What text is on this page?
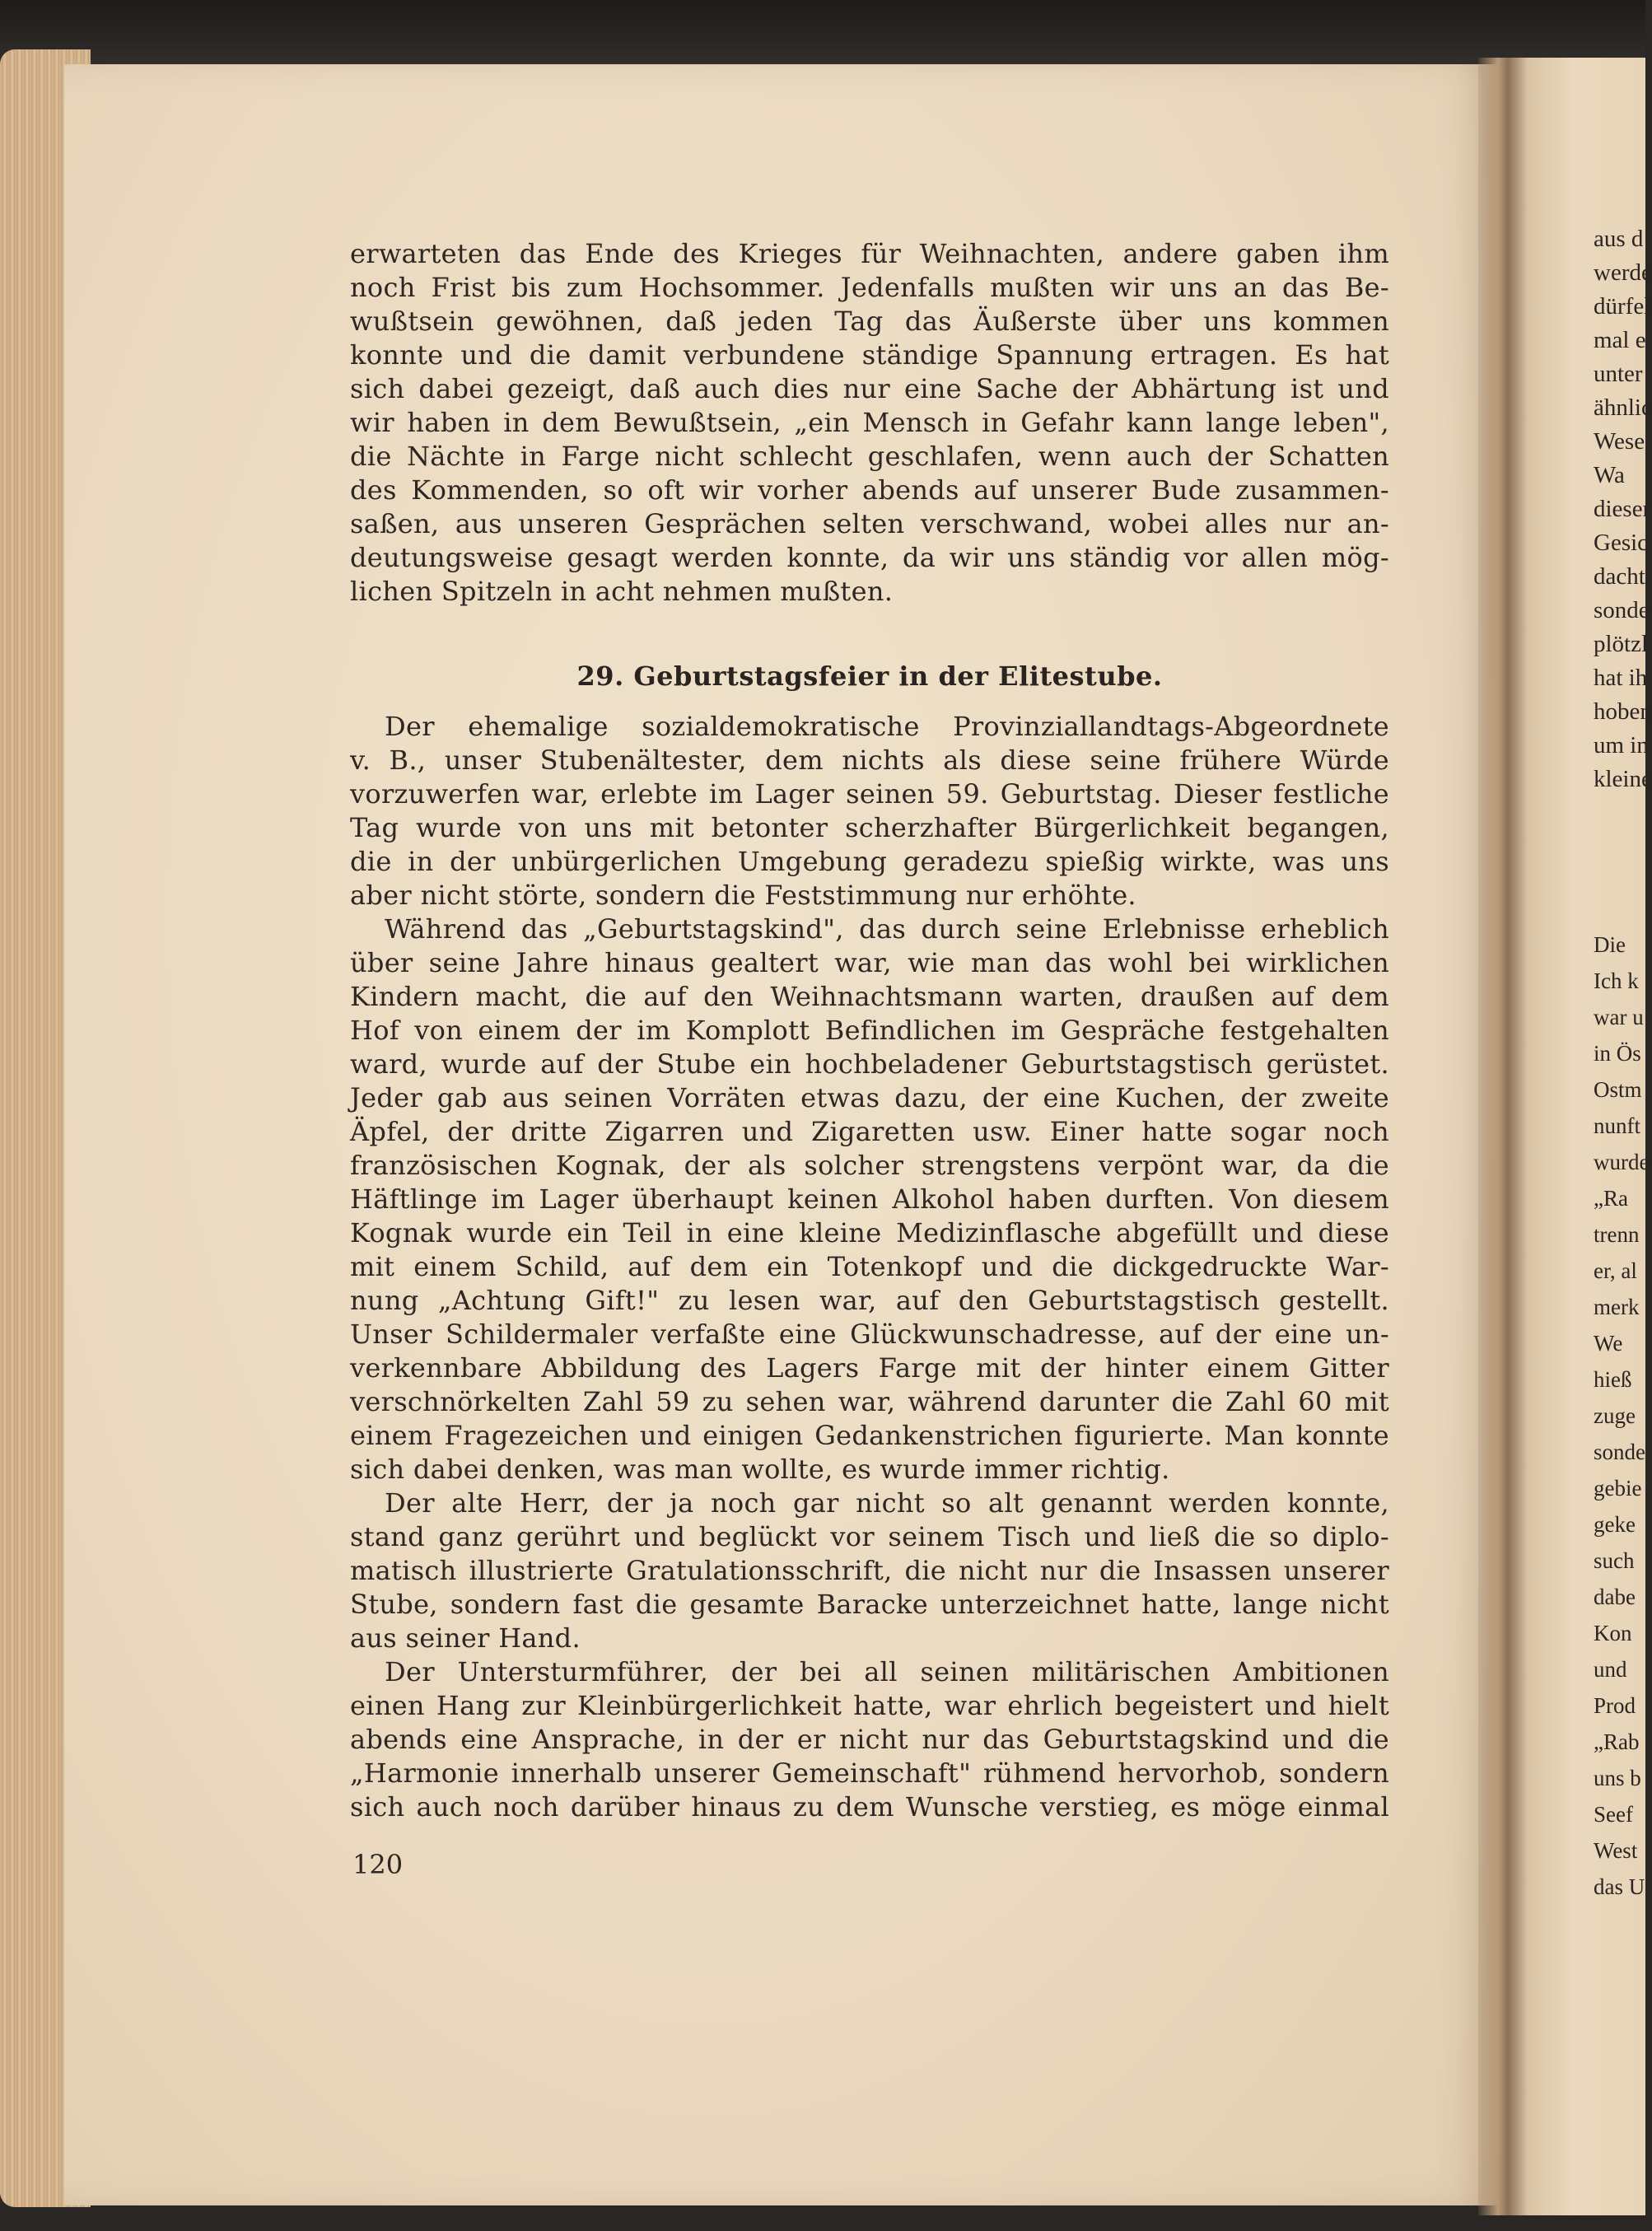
aus d
werde
dürfel
mal e
unter
ähnlic
Wese
Wa
dieser
Gesic
dacht
sonde
plötzl
hat ih
hoben
um in
kleine
Die
Ich k
war u
in Ös
Ostm
nunft
wurde
„Ra
trenn
er, al
merk
We
hieß
zuge
sonde
gebie
geke
such
dabe
Kon
und
Prod
„Rab
uns b
Seef
West
das U

erwarteten das Ende des Krieges für Weihnachten, andere gaben ihm

noch Frist bis zum Hochsommer. Jedenfalls mußten wir uns an das Be-

wußtsein gewöhnen, daß jeden Tag das Äußerste über uns kommen

konnte und die damit verbundene ständige Spannung ertragen. Es hat

sich dabei gezeigt, daß auch dies nur eine Sache der Abhärtung ist und

wir haben in dem Bewußtsein, „ein Mensch in Gefahr kann lange leben",

die Nächte in Farge nicht schlecht geschlafen, wenn auch der Schatten

des Kommenden, so oft wir vorher abends auf unserer Bude zusammen-

saßen, aus unseren Gesprächen selten verschwand, wobei alles nur an-

deutungsweise gesagt werden konnte, da wir uns ständig vor allen mög-

lichen Spitzeln in acht nehmen mußten.

29. Geburtstagsfeier in der Elitestube.

Der ehemalige sozialdemokratische Provinziallandtags-Abgeordnete

v. B., unser Stubenältester, dem nichts als diese seine frühere Würde

vorzuwerfen war, erlebte im Lager seinen 59. Geburtstag. Dieser festliche

Tag wurde von uns mit betonter scherzhafter Bürgerlichkeit begangen,

die in der unbürgerlichen Umgebung geradezu spießig wirkte, was uns

aber nicht störte, sondern die Feststimmung nur erhöhte.

Während das „Geburtstagskind", das durch seine Erlebnisse erheblich

über seine Jahre hinaus gealtert war, wie man das wohl bei wirklichen

Kindern macht, die auf den Weihnachtsmann warten, draußen auf dem

Hof von einem der im Komplott Befindlichen im Gespräche festgehalten

ward, wurde auf der Stube ein hochbeladener Geburtstagstisch gerüstet.

Jeder gab aus seinen Vorräten etwas dazu, der eine Kuchen, der zweite

Äpfel, der dritte Zigarren und Zigaretten usw. Einer hatte sogar noch

französischen Kognak, der als solcher strengstens verpönt war, da die

Häftlinge im Lager überhaupt keinen Alkohol haben durften. Von diesem

Kognak wurde ein Teil in eine kleine Medizinflasche abgefüllt und diese

mit einem Schild, auf dem ein Totenkopf und die dickgedruckte War-

nung „Achtung Gift!" zu lesen war, auf den Geburtstagstisch gestellt.

Unser Schildermaler verfaßte eine Glückwunschadresse, auf der eine un-

verkennbare Abbildung des Lagers Farge mit der hinter einem Gitter

verschnörkelten Zahl 59 zu sehen war, während darunter die Zahl 60 mit

einem Fragezeichen und einigen Gedankenstrichen figurierte. Man konnte

sich dabei denken, was man wollte, es wurde immer richtig.

Der alte Herr, der ja noch gar nicht so alt genannt werden konnte,

stand ganz gerührt und beglückt vor seinem Tisch und ließ die so diplo-

matisch illustrierte Gratulationsschrift, die nicht nur die Insassen unserer

Stube, sondern fast die gesamte Baracke unterzeichnet hatte, lange nicht

aus seiner Hand.

Der Untersturmführer, der bei all seinen militärischen Ambitionen

einen Hang zur Kleinbürgerlichkeit hatte, war ehrlich begeistert und hielt

abends eine Ansprache, in der er nicht nur das Geburtstagskind und die

„Harmonie innerhalb unserer Gemeinschaft" rühmend hervorhob, sondern

sich auch noch darüber hinaus zu dem Wunsche verstieg, es möge einmal

120
